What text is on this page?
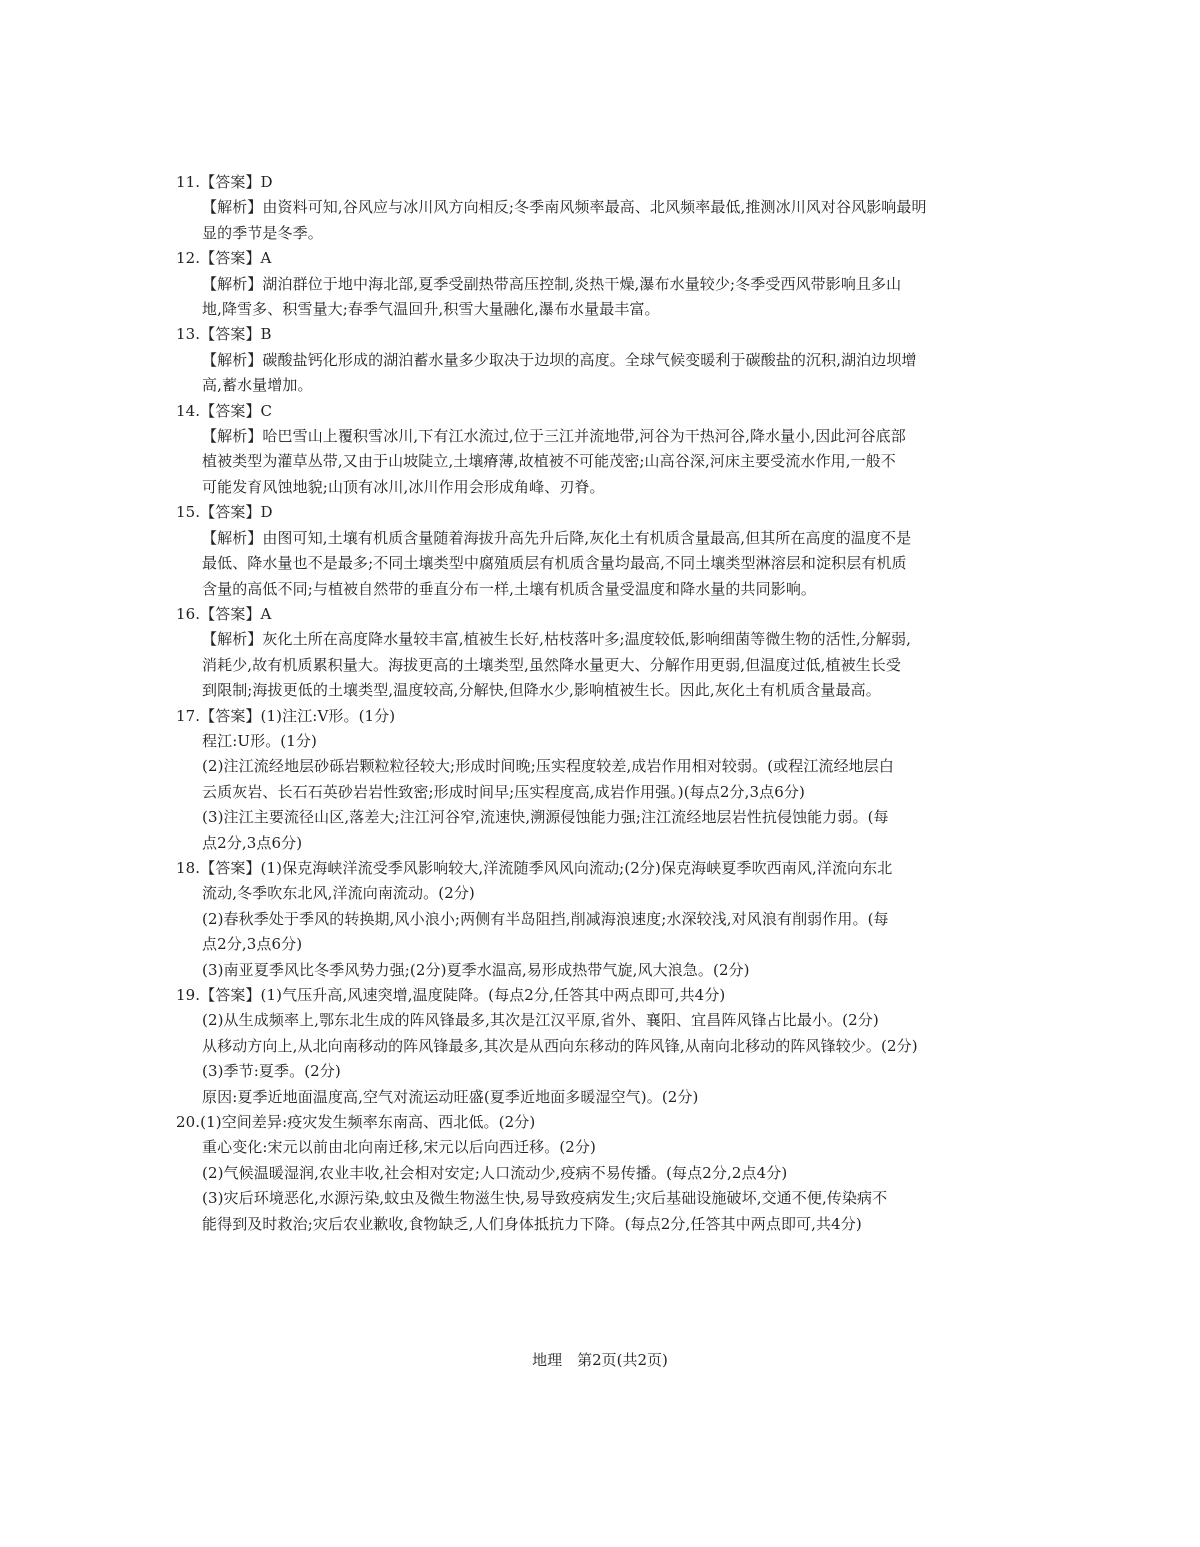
11.【答案】D
【解析】由资料可知,谷风应与冰川风方向相反;冬季南风频率最高、北风频率最低,推测冰川风对谷风影响最明
显的季节是冬季。
12.【答案】A
【解析】湖泊群位于地中海北部,夏季受副热带高压控制,炎热干燥,瀑布水量较少;冬季受西风带影响且多山
地,降雪多、积雪量大;春季气温回升,积雪大量融化,瀑布水量最丰富。
13.【答案】B
【解析】碳酸盐钙化形成的湖泊蓄水量多少取决于边坝的高度。全球气候变暖利于碳酸盐的沉积,湖泊边坝增
高,蓄水量增加。
14.【答案】C
【解析】哈巴雪山上覆积雪冰川,下有江水流过,位于三江并流地带,河谷为干热河谷,降水量小,因此河谷底部
植被类型为灌草丛带,又由于山坡陡立,土壤瘠薄,故植被不可能茂密;山高谷深,河床主要受流水作用,一般不
可能发育风蚀地貌;山顶有冰川,冰川作用会形成角峰、刃脊。
15.【答案】D
【解析】由图可知,土壤有机质含量随着海拔升高先升后降,灰化土有机质含量最高,但其所在高度的温度不是
最低、降水量也不是最多;不同土壤类型中腐殖质层有机质含量均最高,不同土壤类型淋溶层和淀积层有机质
含量的高低不同;与植被自然带的垂直分布一样,土壤有机质含量受温度和降水量的共同影响。
16.【答案】A
【解析】灰化土所在高度降水量较丰富,植被生长好,枯枝落叶多;温度较低,影响细菌等微生物的活性,分解弱,
消耗少,故有机质累积量大。海拔更高的土壤类型,虽然降水量更大、分解作用更弱,但温度过低,植被生长受
到限制;海拔更低的土壤类型,温度较高,分解快,但降水少,影响植被生长。因此,灰化土有机质含量最高。
17.【答案】(1)注江:V形。(1分)
程江:U形。(1分)
(2)注江流经地层砂砾岩颗粒粒径较大;形成时间晚;压实程度较差,成岩作用相对较弱。(或程江流经地层白
云质灰岩、长石石英砂岩岩性致密;形成时间早;压实程度高,成岩作用强。)(每点2分,3点6分)
(3)注江主要流径山区,落差大;注江河谷窄,流速快,溯源侵蚀能力强;注江流经地层岩性抗侵蚀能力弱。(每
点2分,3点6分)
18.【答案】(1)保克海峡洋流受季风影响较大,洋流随季风风向流动;(2分)保克海峡夏季吹西南风,洋流向东北
流动,冬季吹东北风,洋流向南流动。(2分)
(2)春秋季处于季风的转换期,风小浪小;两侧有半岛阻挡,削减海浪速度;水深较浅,对风浪有削弱作用。(每
点2分,3点6分)
(3)南亚夏季风比冬季风势力强;(2分)夏季水温高,易形成热带气旋,风大浪急。(2分)
19.【答案】(1)气压升高,风速突增,温度陡降。(每点2分,任答其中两点即可,共4分)
(2)从生成频率上,鄂东北生成的阵风锋最多,其次是江汉平原,省外、襄阳、宜昌阵风锋占比最小。(2分)
从移动方向上,从北向南移动的阵风锋最多,其次是从西向东移动的阵风锋,从南向北移动的阵风锋较少。(2分)
(3)季节:夏季。(2分)
原因:夏季近地面温度高,空气对流运动旺盛(夏季近地面多暖湿空气)。(2分)
20.(1)空间差异:疫灾发生频率东南高、西北低。(2分)
重心变化:宋元以前由北向南迁移,宋元以后向西迁移。(2分)
(2)气候温暖湿润,农业丰收,社会相对安定;人口流动少,疫病不易传播。(每点2分,2点4分)
(3)灾后环境恶化,水源污染,蚊虫及微生物滋生快,易导致疫病发生;灾后基础设施破坏,交通不便,传染病不
能得到及时救治;灾后农业歉收,食物缺乏,人们身体抵抗力下降。(每点2分,任答其中两点即可,共4分)
地理　第2页(共2页)
